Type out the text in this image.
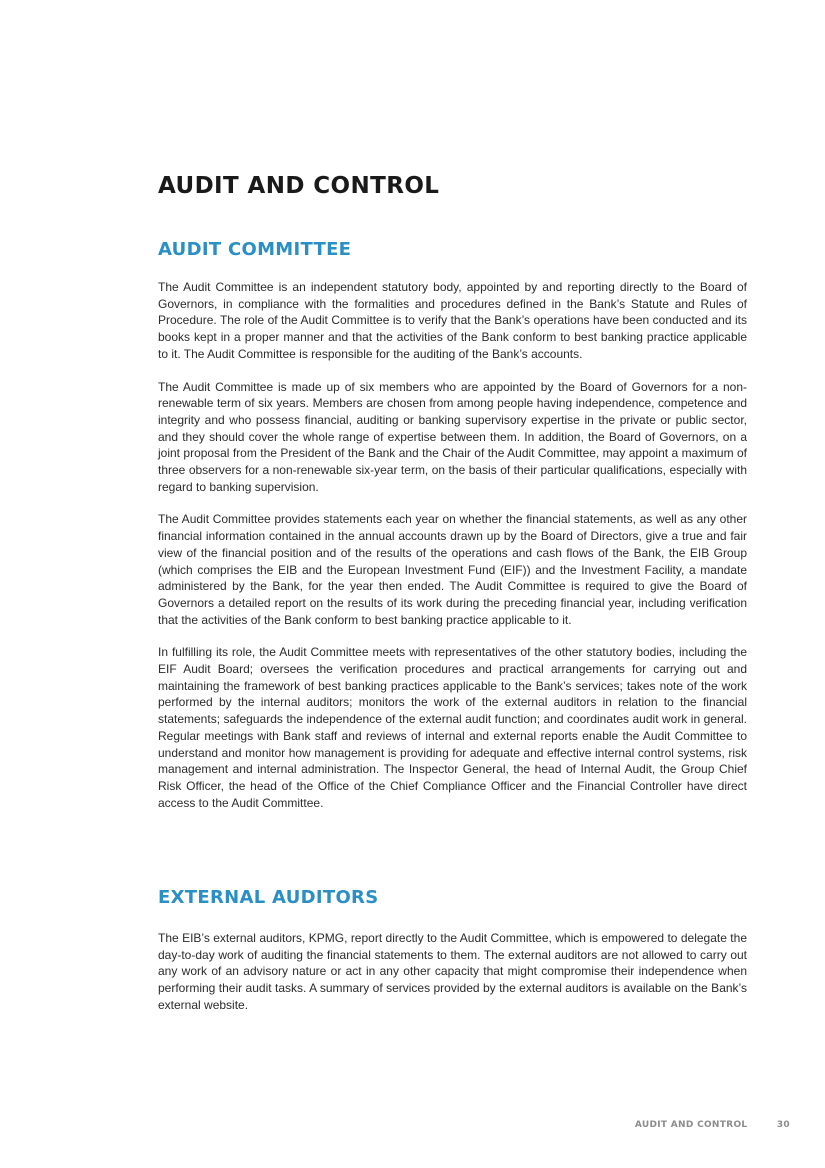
AUDIT AND CONTROL
AUDIT COMMITTEE

The Audit Committee is an independent statutory body, appointed by and reporting directly to the Board of Governors, in compliance with the formalities and procedures defined in the Bank’s Statute and Rules of Procedure. The role of the Audit Committee is to verify that the Bank’s operations have been conducted and its books kept in a proper manner and that the activities of the Bank conform to best banking practice applicable to it. The Audit Committee is responsible for the auditing of the Bank’s accounts.

The Audit Committee is made up of six members who are appointed by the Board of Governors for a non-renewable term of six years. Members are chosen from among people having independence, competence and integrity and who possess financial, auditing or banking supervisory expertise in the private or public sector, and they should cover the whole range of expertise between them. In addition, the Board of Governors, on a joint proposal from the President of the Bank and the Chair of the Audit Committee, may appoint a maximum of three observers for a non-renewable six-year term, on the basis of their particular qualifications, especially with regard to banking supervision.

The Audit Committee provides statements each year on whether the financial statements, as well as any other financial information contained in the annual accounts drawn up by the Board of Directors, give a true and fair view of the financial position and of the results of the operations and cash flows of the Bank, the EIB Group (which comprises the EIB and the European Investment Fund (EIF)) and the Investment Facility, a mandate administered by the Bank, for the year then ended. The Audit Committee is required to give the Board of Governors a detailed report on the results of its work during the preceding financial year, including verification that the activities of the Bank conform to best banking practice applicable to it.

In fulfilling its role, the Audit Committee meets with representatives of the other statutory bodies, including the EIF Audit Board; oversees the verification procedures and practical arrangements for carrying out and maintaining the framework of best banking practices applicable to the Bank’s services; takes note of the work performed by the internal auditors; monitors the work of the external auditors in relation to the financial statements; safeguards the independence of the external audit function; and coordinates audit work in general. Regular meetings with Bank staff and reviews of internal and external reports enable the Audit Committee to understand and monitor how management is providing for adequate and effective internal control systems, risk management and internal administration. The Inspector General, the head of Internal Audit, the Group Chief Risk Officer, the head of the Office of the Chief Compliance Officer and the Financial Controller have direct access to the Audit Committee.

EXTERNAL AUDITORS

The EIB’s external auditors, KPMG, report directly to the Audit Committee, which is empowered to delegate the day-to-day work of auditing the financial statements to them. The external auditors are not allowed to carry out any work of an advisory nature or act in any other capacity that might compromise their independence when performing their audit tasks. A summary of services provided by the external auditors is available on the Bank’s external website.

AUDIT AND CONTROL	30
